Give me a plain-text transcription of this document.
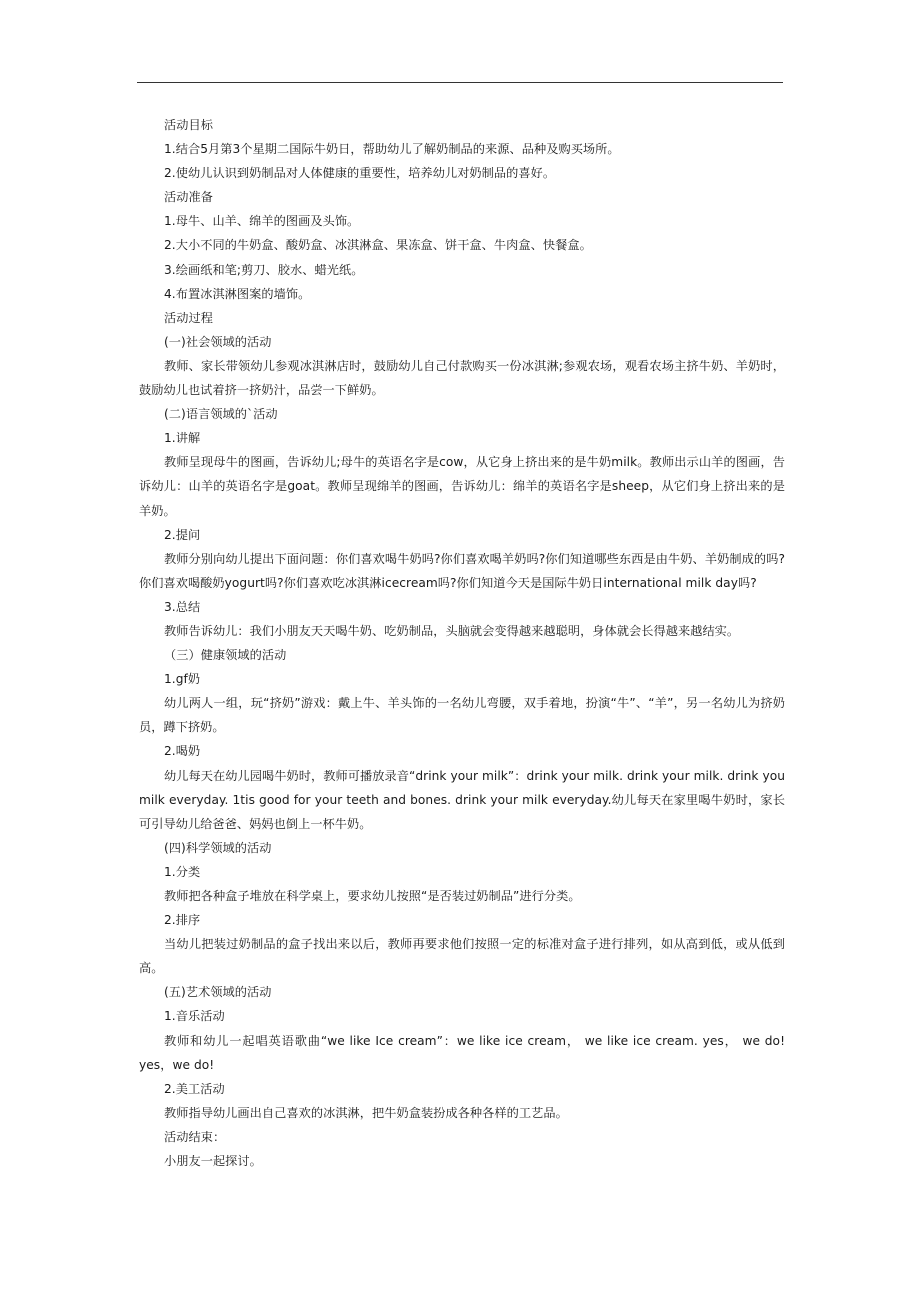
活动目标

1.结合5月第3个星期二国际牛奶日，帮助幼儿了解奶制品的来源、品种及购买场所。

2.使幼儿认识到奶制品对人体健康的重要性，培养幼儿对奶制品的喜好。

活动准备

1.母牛、山羊、绵羊的图画及头饰。

2.大小不同的牛奶盒、酸奶盒、冰淇淋盒、果冻盒、饼干盒、牛肉盒、快餐盒。

3.绘画纸和笔;剪刀、胶水、蜡光纸。

4.布置冰淇淋图案的墙饰。

活动过程

(一)社会领域的活动

教师、家长带领幼儿参观冰淇淋店时，鼓励幼儿自己付款购买一份冰淇淋;参观农场，观看农场主挤牛奶、羊奶时，鼓励幼儿也试着挤一挤奶汁，品尝一下鲜奶。

(二)语言领域的`活动

1.讲解

教师呈现母牛的图画，告诉幼儿;母牛的英语名字是cow，从它身上挤出来的是牛奶milk。教师出示山羊的图画，告诉幼儿：山羊的英语名字是goat。教师呈现绵羊的图画，告诉幼儿：绵羊的英语名字是sheep，从它们身上挤出来的是羊奶。

2.提问

教师分别向幼儿提出下面问题：你们喜欢喝牛奶吗?你们喜欢喝羊奶吗?你们知道哪些东西是由牛奶、羊奶制成的吗?你们喜欢喝酸奶yogurt吗?你们喜欢吃冰淇淋icecream吗?你们知道今天是国际牛奶日international milk day吗?

3.总结

教师告诉幼儿：我们小朋友天天喝牛奶、吃奶制品，头脑就会变得越来越聪明，身体就会长得越来越结实。

（三）健康领域的活动

1.gf奶

幼儿两人一组，玩“挤奶”游戏：戴上牛、羊头饰的一名幼儿弯腰，双手着地，扮演“牛”、“羊”，另一名幼儿为挤奶员，蹲下挤奶。

2.喝奶

幼儿每天在幼儿园喝牛奶时，教师可播放录音“drink your milk”：drink your milk. drink your milk. drink you milk everyday. 1tis good for your teeth and bones. drink your milk everyday.幼儿每天在家里喝牛奶时，家长可引导幼儿给爸爸、妈妈也倒上一杯牛奶。

(四)科学领域的活动

1.分类

教师把各种盒子堆放在科学桌上，要求幼儿按照“是否装过奶制品”进行分类。

2.排序

当幼儿把装过奶制品的盒子找出来以后，教师再要求他们按照一定的标准对盒子进行排列，如从高到低，或从低到高。

(五)艺术领域的活动

1.音乐活动

教师和幼儿一起唱英语歌曲“we like Ice cream”：we like ice cream， we like ice cream. yes， we do! yes，we do!

2.美工活动

教师指导幼儿画出自己喜欢的冰淇淋，把牛奶盒装扮成各种各样的工艺品。

活动结束：

小朋友一起探讨。
